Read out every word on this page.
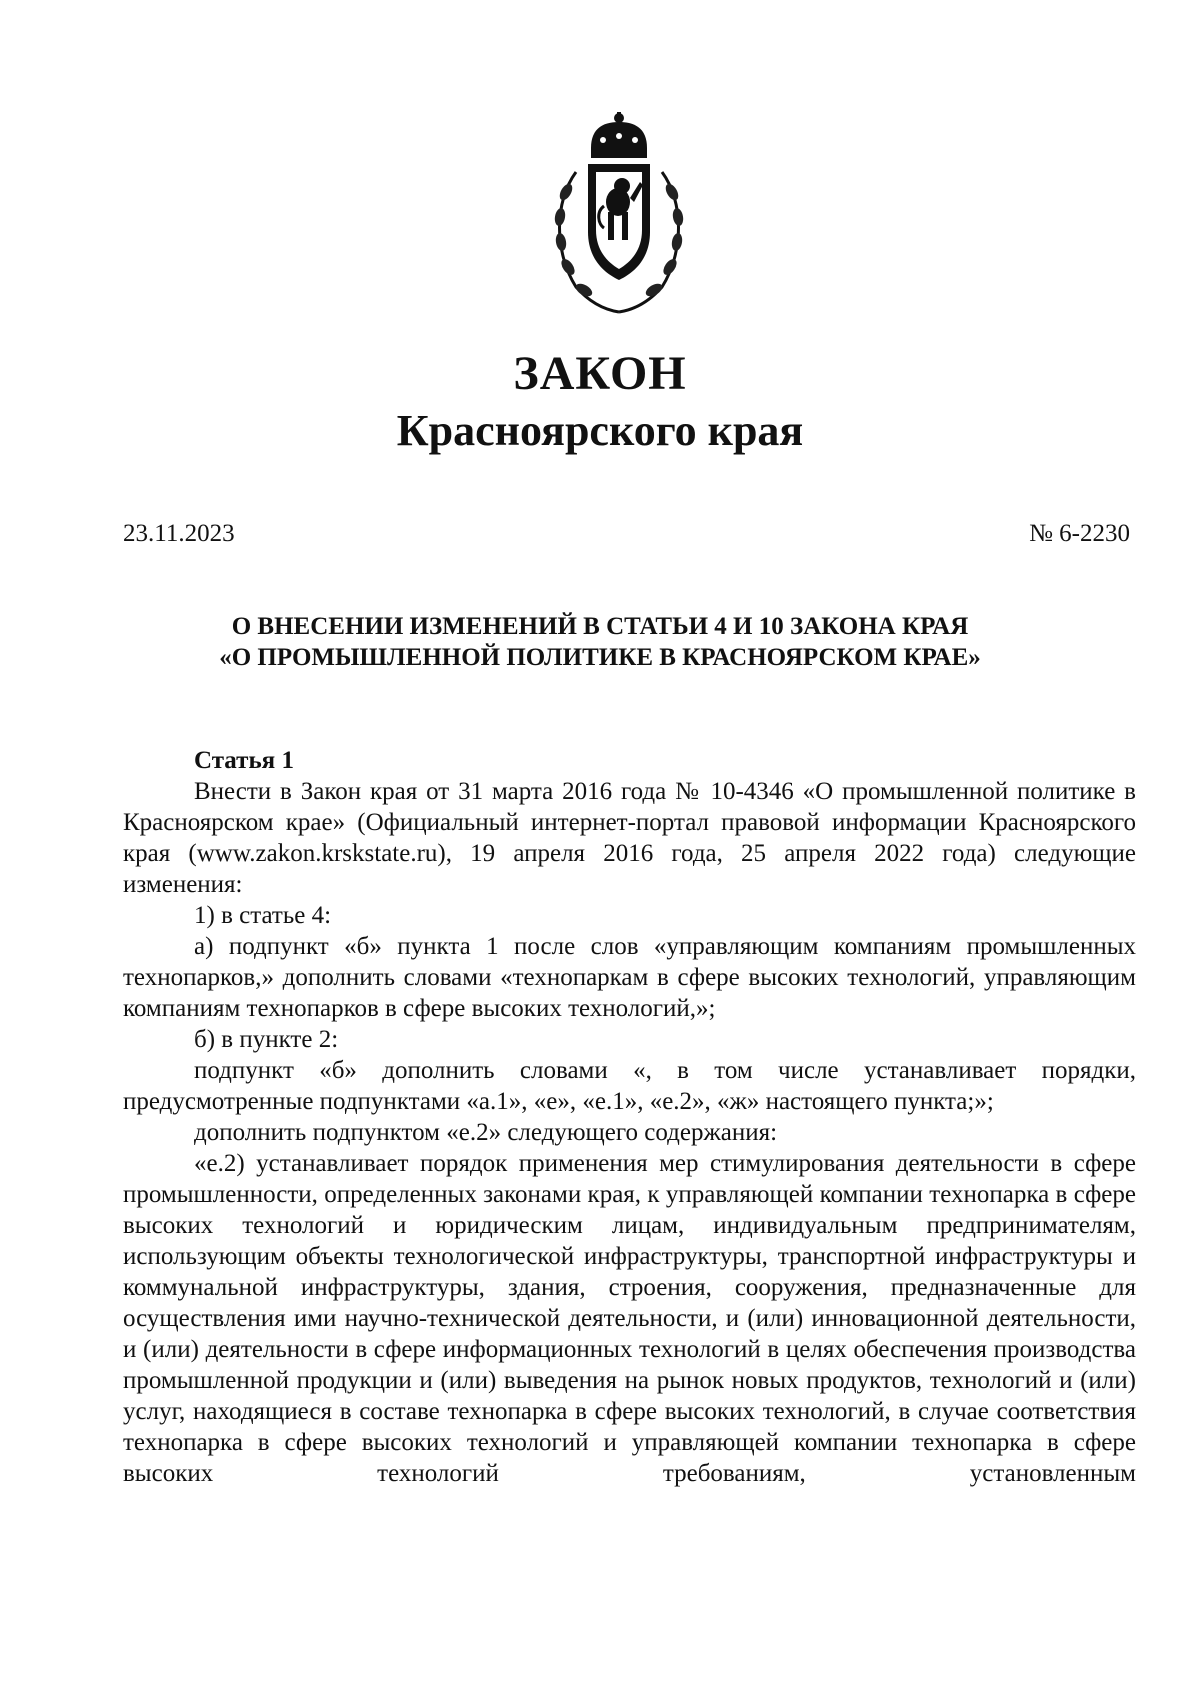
ЗАКОН
Красноярского края
23.11.2023	№ 6-2230
О ВНЕСЕНИИ ИЗМЕНЕНИЙ В СТАТЬИ 4 И 10 ЗАКОНА КРАЯ
«О ПРОМЫШЛЕННОЙ ПОЛИТИКЕ В КРАСНОЯРСКОМ КРАЕ»
Статья 1

Внести в Закон края от 31 марта 2016 года № 10-4346 «О промышленной политике в Красноярском крае» (Официальный интернет-портал правовой информации Красноярского края (www.zakon.krskstate.ru), 19 апреля 2016 года, 25 апреля 2022 года) следующие изменения:

1) в статье 4:

а) подпункт «б» пункта 1 после слов «управляющим компаниям промышленных технопарков,» дополнить словами «технопаркам в сфере высоких технологий, управляющим компаниям технопарков в сфере высоких технологий,»;

б) в пункте 2:

подпункт «б» дополнить словами «, в том числе устанавливает порядки, предусмотренные подпунктами «а.1», «е», «е.1», «е.2», «ж» настоящего пункта;»;

дополнить подпунктом «е.2» следующего содержания:

«е.2) устанавливает порядок применения мер стимулирования деятельности в сфере промышленности, определенных законами края, к управляющей компании технопарка в сфере высоких технологий и юридическим лицам, индивидуальным предпринимателям, использующим объекты технологической инфраструктуры, транспортной инфраструктуры и коммунальной инфраструктуры, здания, строения, сооружения, предназначенные для осуществления ими научно-технической деятельности, и (или) инновационной деятельности, и (или) деятельности в сфере информационных технологий в целях обеспечения производства промышленной продукции и (или) выведения на рынок новых продуктов, технологий и (или) услуг, находящиеся в составе технопарка в сфере высоких технологий, в случае соответствия технопарка в сфере высоких технологий и управляющей компании технопарка в сфере высоких технологий требованиям, установленным
